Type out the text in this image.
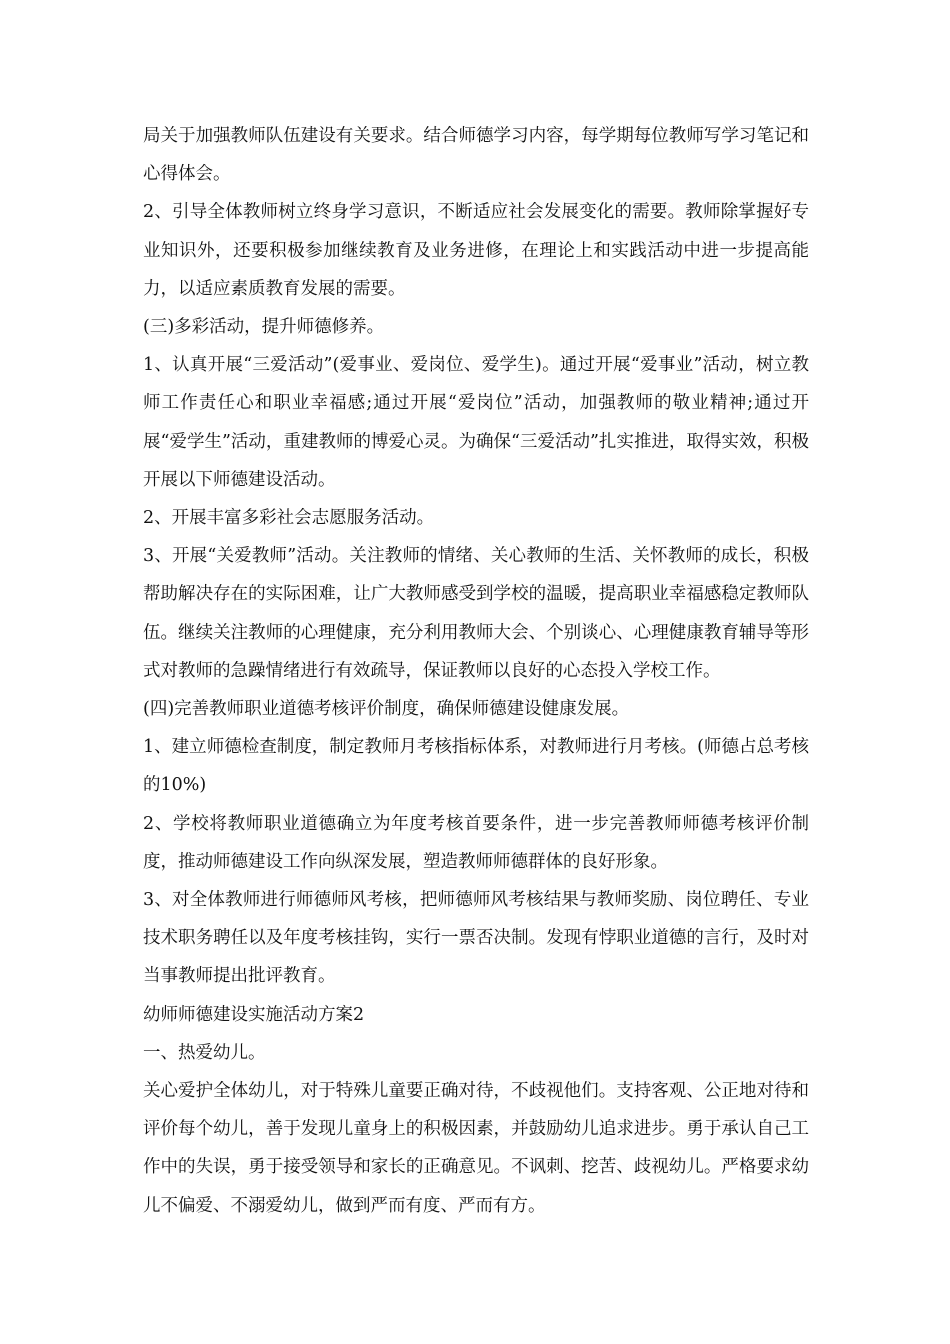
局关于加强教师队伍建设有关要求。结合师德学习内容，每学期每位教师写学习笔记和心得体会。

2、引导全体教师树立终身学习意识，不断适应社会发展变化的需要。教师除掌握好专业知识外，还要积极参加继续教育及业务进修，在理论上和实践活动中进一步提高能力，以适应素质教育发展的需要。

(三)多彩活动，提升师德修养。

1、认真开展“三爱活动”(爱事业、爱岗位、爱学生)。通过开展“爱事业”活动，树立教师工作责任心和职业幸福感;通过开展“爱岗位”活动，加强教师的敬业精神;通过开展“爱学生”活动，重建教师的博爱心灵。为确保“三爱活动”扎实推进，取得实效，积极开展以下师德建设活动。

2、开展丰富多彩社会志愿服务活动。

3、开展“关爱教师”活动。关注教师的情绪、关心教师的生活、关怀教师的成长，积极帮助解决存在的实际困难，让广大教师感受到学校的温暖，提高职业幸福感稳定教师队伍。继续关注教师的心理健康，充分利用教师大会、个别谈心、心理健康教育辅导等形式对教师的急躁情绪进行有效疏导，保证教师以良好的心态投入学校工作。

(四)完善教师职业道德考核评价制度，确保师德建设健康发展。

1、建立师德检查制度，制定教师月考核指标体系，对教师进行月考核。(师德占总考核的10%)

2、学校将教师职业道德确立为年度考核首要条件，进一步完善教师师德考核评价制度，推动师德建设工作向纵深发展，塑造教师师德群体的良好形象。

3、对全体教师进行师德师风考核，把师德师风考核结果与教师奖励、岗位聘任、专业技术职务聘任以及年度考核挂钩，实行一票否决制。发现有悖职业道德的言行，及时对当事教师提出批评教育。

幼师师德建设实施活动方案2

一、热爱幼儿。

关心爱护全体幼儿，对于特殊儿童要正确对待，不歧视他们。支持客观、公正地对待和评价每个幼儿，善于发现儿童身上的积极因素，并鼓励幼儿追求进步。勇于承认自己工作中的失误，勇于接受领导和家长的正确意见。不讽刺、挖苦、歧视幼儿。严格要求幼儿不偏爱、不溺爱幼儿，做到严而有度、严而有方。
